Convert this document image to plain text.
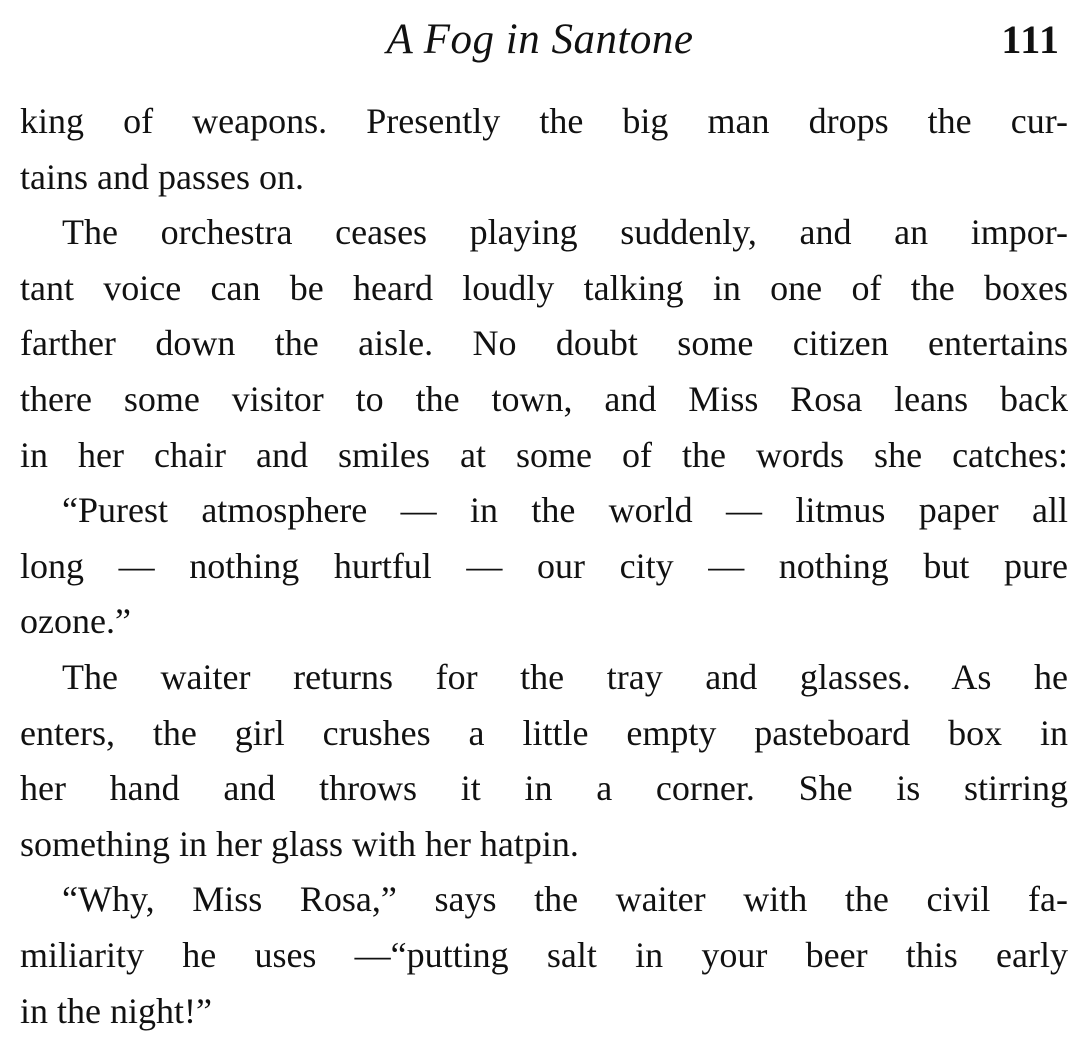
A Fog in Santone	111
king of weapons. Presently the big man drops the cur-
tains and passes on.
The orchestra ceases playing suddenly, and an impor-
tant voice can be heard loudly talking in one of the boxes
farther down the aisle. No doubt some citizen entertains
there some visitor to the town, and Miss Rosa leans back
in her chair and smiles at some of the words she catches:
“Purest atmosphere — in the world — litmus paper all
long — nothing hurtful — our city — nothing but pure
ozone.”
The waiter returns for the tray and glasses. As he
enters, the girl crushes a little empty pasteboard box in
her hand and throws it in a corner. She is stirring
something in her glass with her hatpin.
“Why, Miss Rosa,” says the waiter with the civil fa-
miliarity he uses —“putting salt in your beer this early
in the night!”
